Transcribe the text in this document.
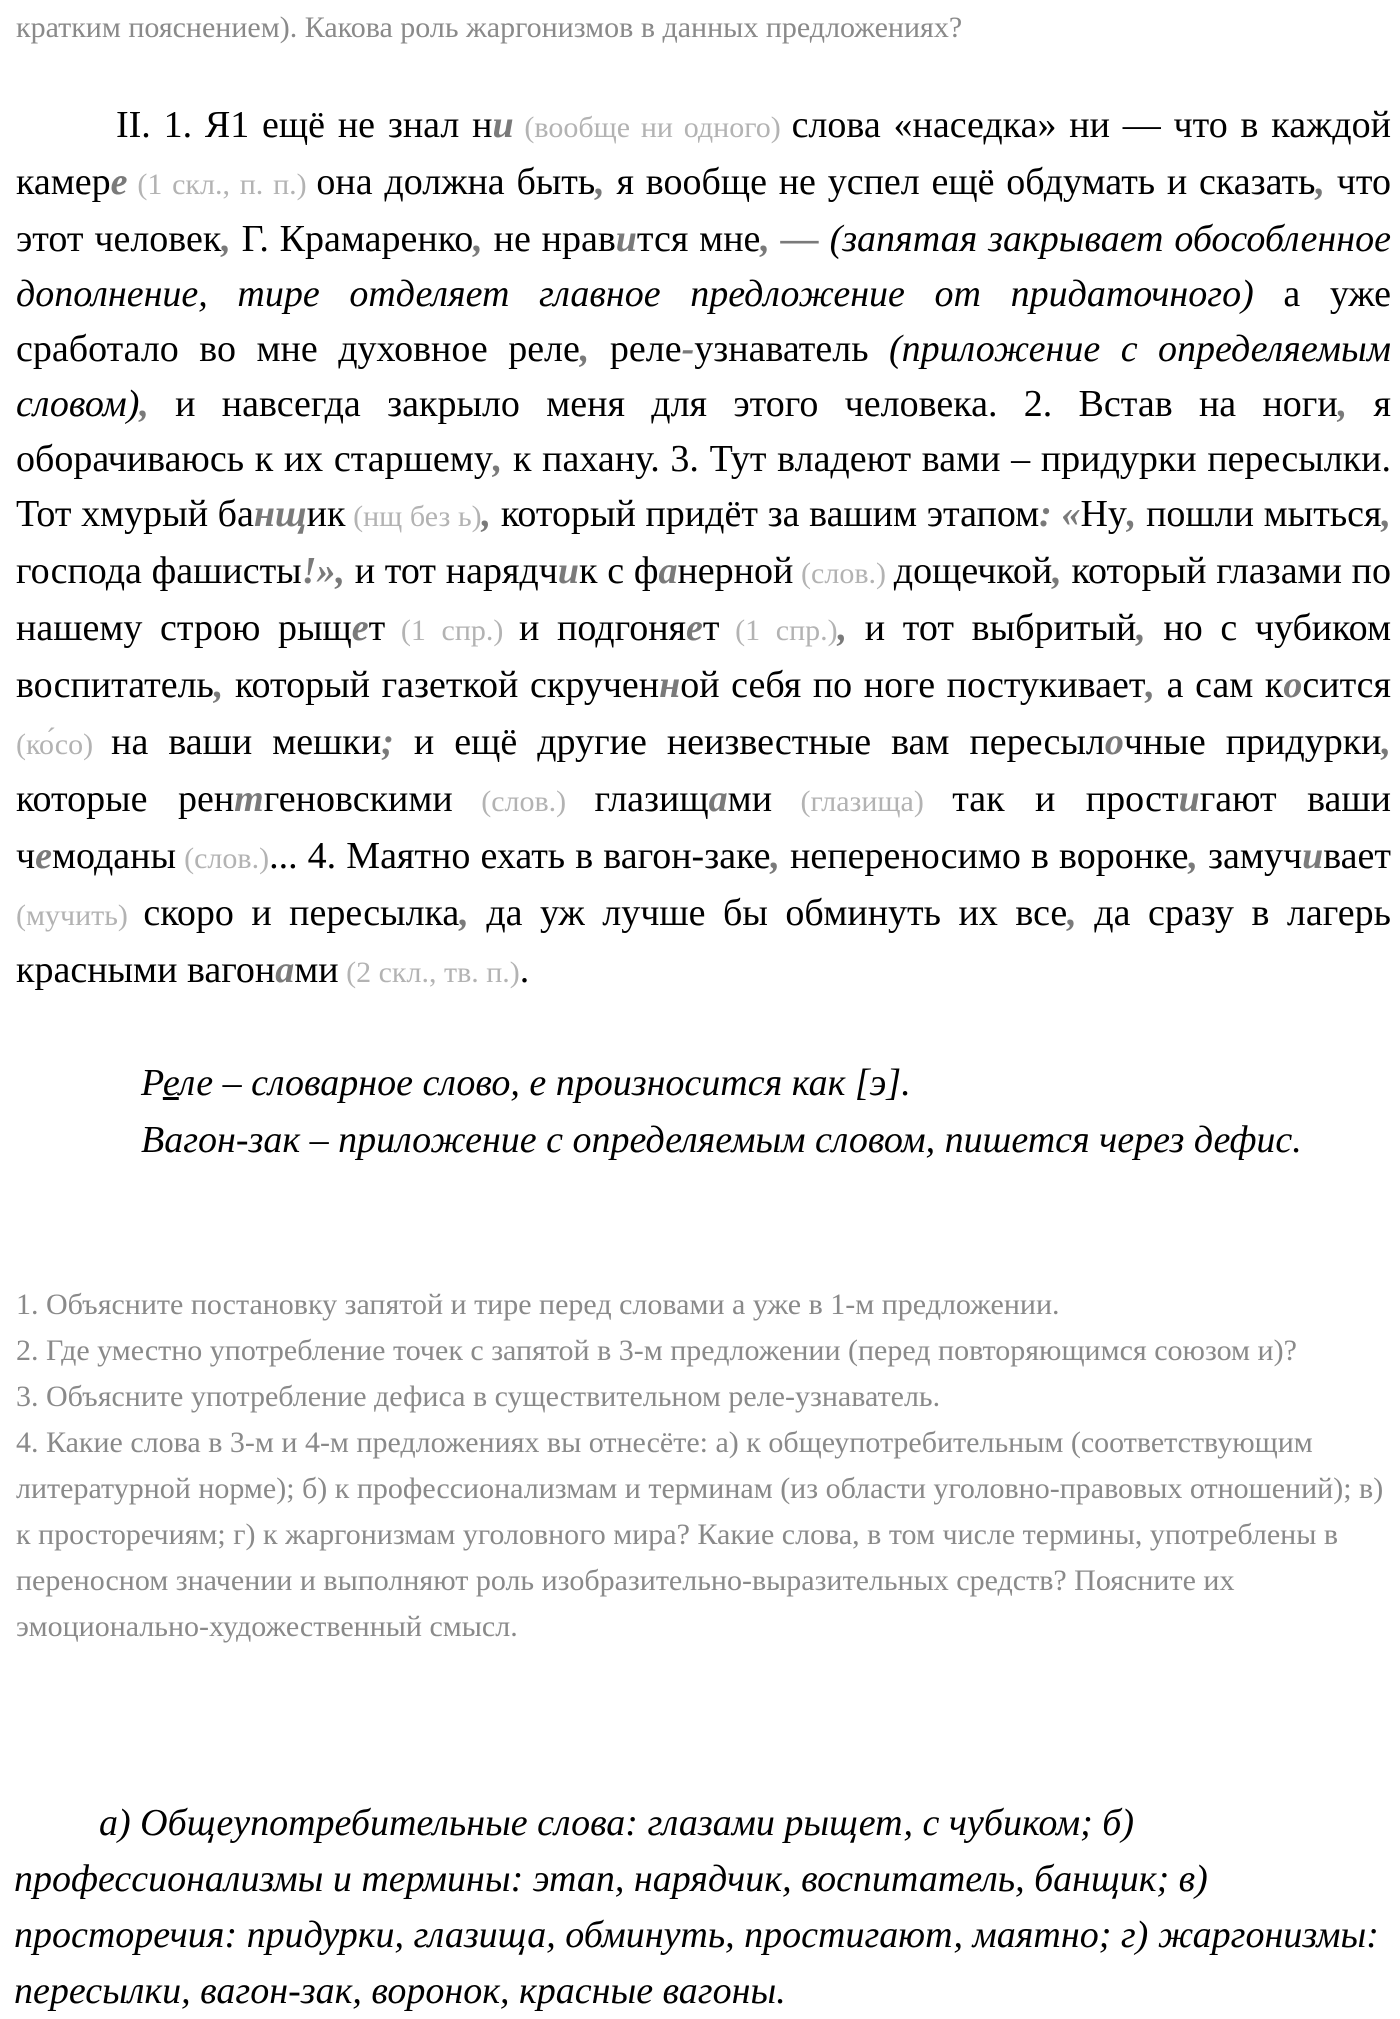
кратким пояснением). Какова роль жаргонизмов в данных предложениях?
II. 1. Я1 ещё не знал ни (вообще ни одного) слова «наседка» ни — что в каждой камере (1 скл., п. п.) она должна быть, я вообще не успел ещё обдумать и сказать, что этот человек, Г. Крамаренко, не нравится мне, — (запятая закрывает обособленное дополнение, тире отделяет главное предложение от придаточного) а уже сработало во мне духовное реле, реле-узнаватель (приложение с определяемым словом), и навсегда закрыло меня для этого человека. 2. Встав на ноги, я оборачиваюсь к их старшему, к пахану. 3. Тут владеют вами – придурки пересылки. Тот хмурый банщик (нщ без ь), который придёт за вашим этапом: «Ну, пошли мыться, господа фашисты!», и тот нарядчик с фанерной (слов.) дощечкой, который глазами по нашему строю рыщет (1 спр.) и подгоняет (1 спр.), и тот выбритый, но с чубиком воспитатель, который газеткой скрученной себя по ноге постукивает, а сам косится (ко́со) на ваши мешки; и ещё другие неизвестные вам пересылочные придурки, которые рентгеновскими (слов.) глазищами (глазища) так и простигают ваши чемоданы (слов.)... 4. Маятно ехать в вагон-заке, непереносимо в воронке, замучивает (мучить) скоро и пересылка, да уж лучше бы обминуть их все, да сразу в лагерь красными вагонами (2 скл., тв. п.).

Реле – словарное слово, е произносится как [э].

Вагон-зак – приложение с определяемым словом, пишется через дефис.

1. Объясните постановку запятой и тире перед словами а уже в 1-м предложении.

2. Где уместно употребление точек с запятой в 3-м предложении (перед повторяющимся союзом и)?

3. Объясните употребление дефиса в существительном реле-узнаватель.

4. Какие слова в 3-м и 4-м предложениях вы отнесёте: а) к общеупотребительным (соответствующим литературной норме); б) к профессионализмам и терминам (из области уголовно-правовых отношений); в) к просторечиям; г) к жаргонизмам уголовного мира? Какие слова, в том числе термины, употреблены в переносном значении и выполняют роль изобразительно-выразительных средств? Поясните их эмоционально-художественный смысл.

а) Общеупотребительные слова: глазами рыщет, с чубиком; б) профессионализмы и термины: этап, нарядчик, воспитатель, банщик; в) просторечия: придурки, глазища, обминуть, простигают, маятно; г) жаргонизмы: пересылки, вагон-зак, воронок, красные вагоны.
